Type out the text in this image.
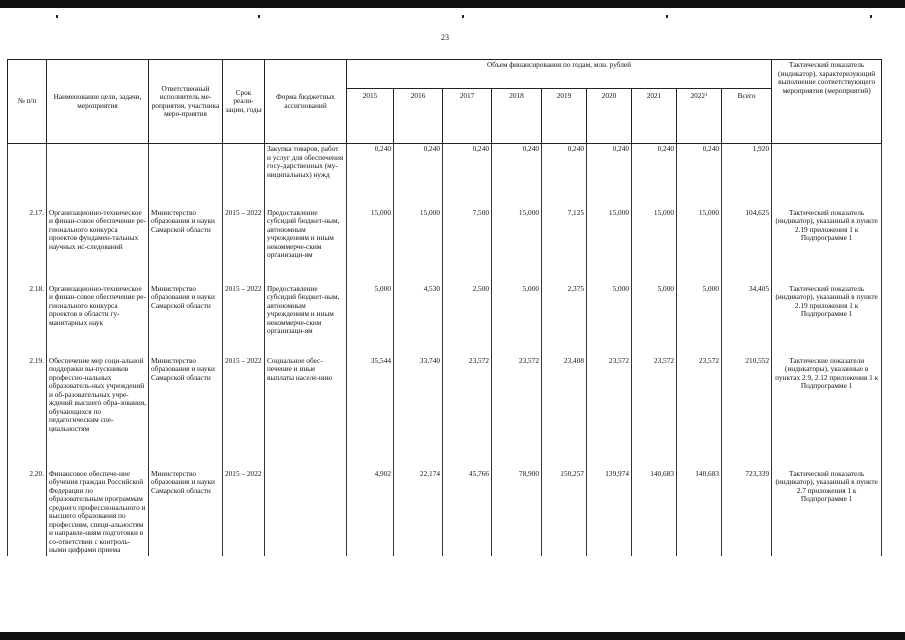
23
№ п/п	Наименование цели, задачи, мероприятия	Ответственный исполнитель ме-роприятия, участника меро-приятия	Срок реали-зации, годы	Форма бюджетных ассигнований	Объем финансирования по годам, млн. рублей									Тактический показатель (индикатор), характеризующий выполнение соответствующего мероприятия (мероприятий)
					2015	2016	2017	2018	2019	2020	2021	2022$^1$	Всего	
				Закупка товаров, работ и услуг для обеспечения госу-дарственных (му-ниципальных) нужд	0,240	0,240	0,240	0,240	0,240	0,240	0,240	0,240	1,920	
2.17.	Организационно-техническое и финан-совое обеспечение ре-гионального конкурса проектов фундамен-тальных научных ис-следований	Министерство образования и науки Самарской области	2015 – 2022	Предоставление субсидий бюджет-ным, автономным учреждениям и иным некоммерче-ским организаци-ям	15,000	15,000	7,500	15,000	7,125	15,000	15,000	15,000	104,625	Тактический показатель (индикатор), указанный в пункте 2.19 приложения 1 к Подпрограмме 1
2.18.	Организационно-техническое и финан-совое обеспечение ре-гионального конкурса проектов в области гу-манитарных наук	Министерство образования и науки Самарской области	2015 – 2022	Предоставление субсидий бюджет-ным, автономным учреждениям и иным некоммерче-ским организаци-ям	5,000	4,530	2,500	5,000	2,375	5,000	5,000	5,000	34,405	Тактический показатель (индикатор), указанный в пункте 2.19 приложения 1 к Подпрограмме 1
2.19.	Обеспечение мер соци-альной поддержки вы-пускников профессио-нальных образователь-ных учреждений и об-разовательных учре-ждений высшего обра-зования, обучающихся по педагогическим спе-циальностям	Министерство образования и науки Самарской области	2015 – 2022	Социальное обес-печение и иные выплаты населе-нию	35,544	33,740	23,572	23,572	23,408	23,572	23,572	23,572	210,552	Тактические показатели (индикаторы), указанные в пунктах 2.9, 2.12 приложения 1 к Подпрограмме 1
2.20.	Финансовое обеспече-ние обучения граждан Российской Федерации по образовательным программам среднего профессионального и высшего образования по профессиям, специ-альностям и направле-ниям подготовки в со-ответствии с контроль-ными цифрами приема	Министерство образования и науки Самарской области	2015 – 2022		4,902	22,174	45,766	78,900	150,257	139,974	140,683	140,683	723,339	Тактический показатель (индикатор), указанный в пункте 2.7 приложения 1 к Подпрограмме 1
